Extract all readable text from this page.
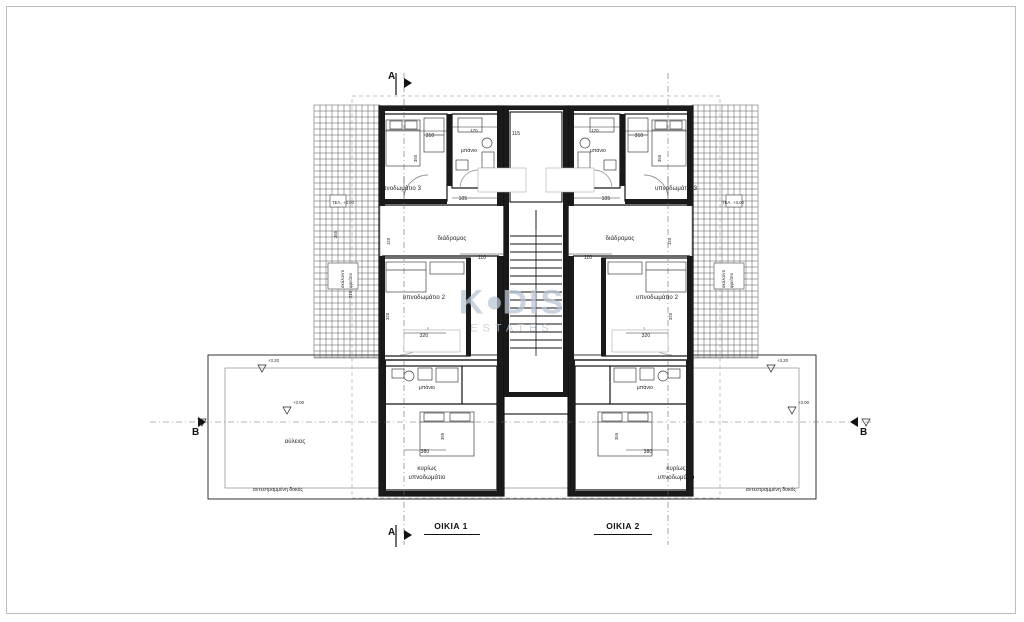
υπνοδωμάτιο 3
μπάνιο
διάδρομος
υπνοδωμάτιο 2
μπάνιο
κυρίως
υπνοδωμάτιο
αύλειος
υπνοδωμάτιο 3
μπάνιο
διάδρομος
υπνοδωμάτιο 2
μπάνιο
κυρίως
υπνοδωμάτιο
310	310
170	170
115
355	355
105	105
120	120
110	110
210
320	320
320	320
380	380
355	355
355
+3.20	+3.20
+3.00	+3.00
TEΛ. +3.00	TEΛ. +3.00
αντεστραμμένη δοκός	αντεστραμμένη δοκός
σκάλα/ντι φρεάτιο	σκάλα/ντι φρεάτιο
A
A
B	B
ΟΙΚΙΑ 1	ΟΙΚΙΑ 2
K DIS
ESTATES
